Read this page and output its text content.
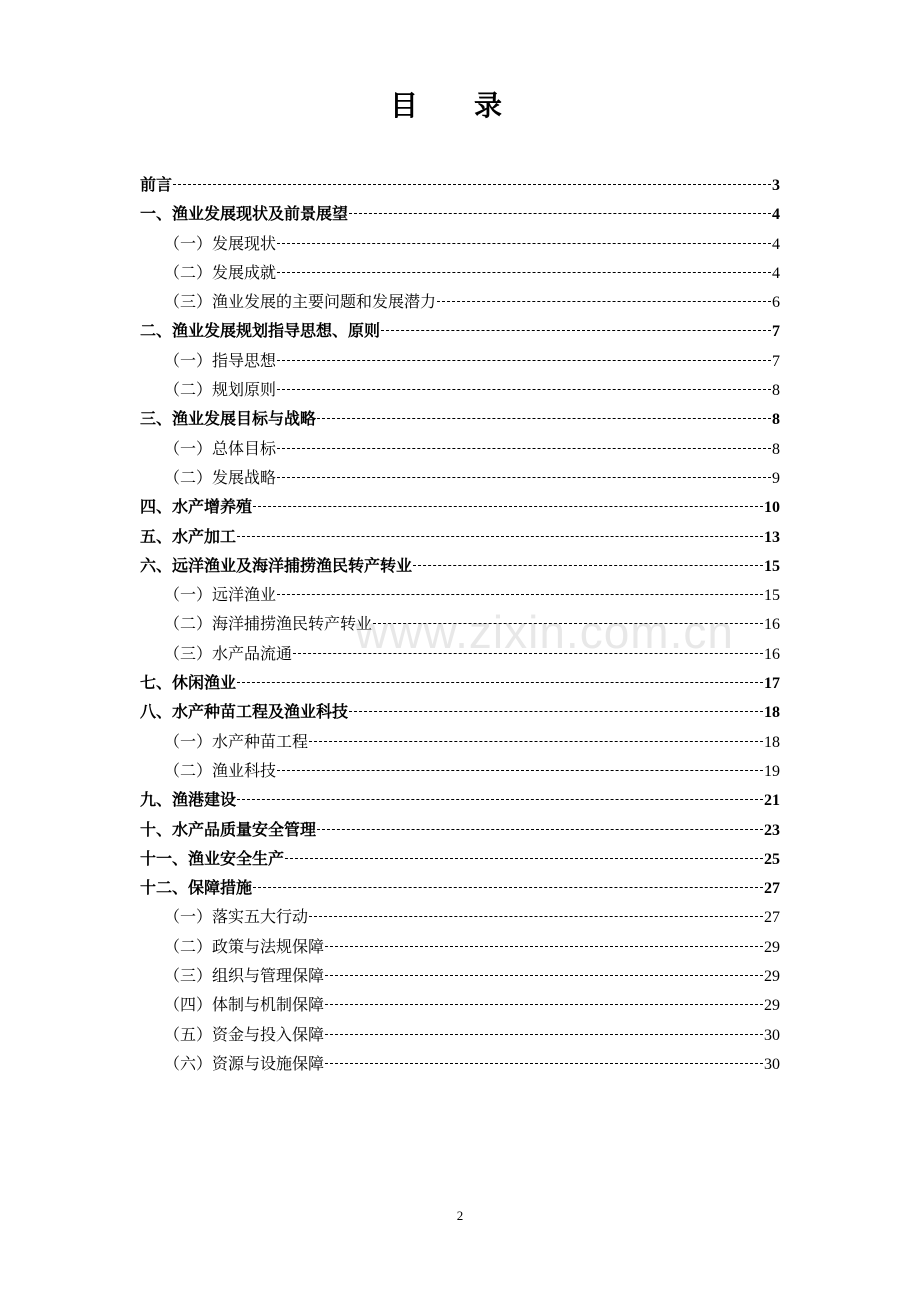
目录
前言	3
一、渔业发展现状及前景展望	4
（一）发展现状	4
（二）发展成就	4
（三）渔业发展的主要问题和发展潜力	6
二、渔业发展规划指导思想、原则	7
（一）指导思想	7
（二）规划原则	8
三、渔业发展目标与战略	8
（一）总体目标	8
（二）发展战略	9
四、水产增养殖	10
五、水产加工	13
六、远洋渔业及海洋捕捞渔民转产转业	15
（一）远洋渔业	15
（二）海洋捕捞渔民转产转业	16
（三）水产品流通	16
七、休闲渔业	17
八、水产种苗工程及渔业科技	18
（一）水产种苗工程	18
（二）渔业科技	19
九、渔港建设	21
十、水产品质量安全管理	23
十一、渔业安全生产	25
十二、保障措施	27
（一）落实五大行动	27
（二）政策与法规保障	29
（三）组织与管理保障	29
（四）体制与机制保障	29
（五）资金与投入保障	30
（六）资源与设施保障	30
www.zixin.com.cn
2
